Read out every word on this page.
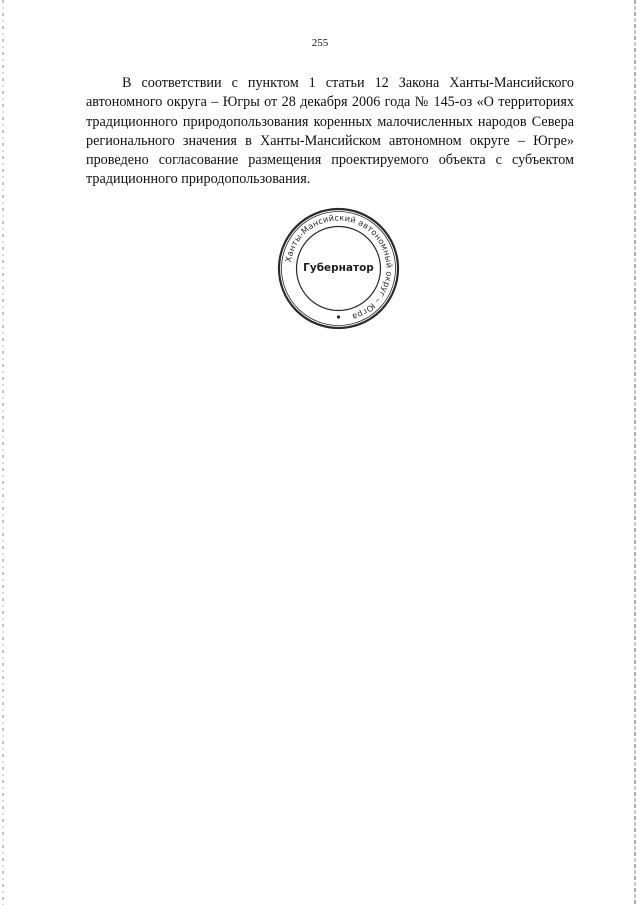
255

В соответствии с пунктом 1 статьи 12 Закона Ханты-Мансийского автономного округа – Югры от 28 декабря 2006 года № 145-оз «О территориях традиционного природопользования коренных малочисленных народов Севера регионального значения в Ханты-Мансийском автономном округе – Югре» проведено согласование размещения проектируемого объекта с субъектом традиционного природопользования.

Ханты-Мансийский автономный округ – Югра
Губернатор
